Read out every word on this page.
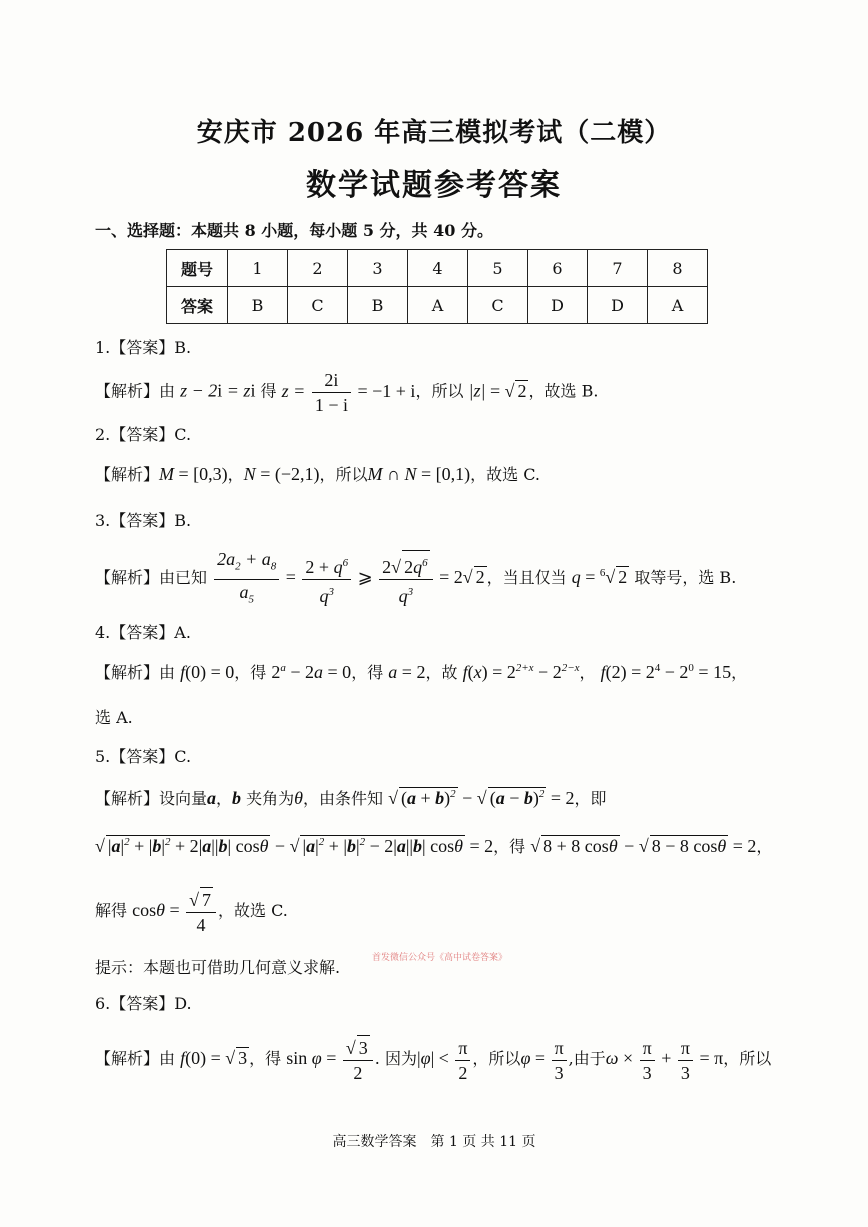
安庆市 2026 年高三模拟考试（二模）
数学试题参考答案
一、选择题：本题共 8 小题，每小题 5 分，共 40 分。
题号	1	2	3	4	5	6	7	8
答案	B	C	B	A	C	D	D	A
1.【答案】B.
【解析】由 z − 2i = zi 得 $z = \frac{2i}{1 - i} = -1 + i$，所以 |z| = √ 2 ，故选 B.
2.【答案】C.
【解析】M = [0,3)，N = (−2,1)，所以M ∩ N = [0,1)，故选 C.
3.【答案】B.
【解析】由已知 $\frac{2a_2 + a_8}{a_5} = \frac{2 + q^6}{q^3}$ ⩾ $\frac{2√ 2q^6}{q^3} = 2√$ 2 ，当且仅当 q = $^6$√ 2 取等号，选 B.
4.【答案】A.
【解析】由 f(0) = 0，得 $2^a - 2a = 0$，得 a = 2，故 $f(x) = 2^{2+x} - 2^{2-x}$， $f(2) = 2^4 - 2^0 = 15$，
选 A.
5.【答案】C.
【解析】设向量a，b 夹角为θ，由条件知 √ $(a + b)^2$ − √ $(a - b)^2 = 2$，即
√ $|a|^2 + |b|^2 + 2|a||b|$ cosθ − √ $|a|^2 + |b|^2 - 2|a||b|$ cosθ = 2，得 √ 8 + 8 cosθ − √ 8 − 8 cosθ = 2，
解得 $\cos\theta = \frac{√ 7}{4}$ ，故选 C.
提示：本题也可借助几何意义求解.	首发微信公众号《高中试卷答案》
6.【答案】D.
【解析】由 f(0) = √ 3 ，得 $\sin \varphi = \frac{√ 3}{2}$ . 因为$|\varphi| < \frac{\pi}{2}$ ，所以$\varphi = \frac{\pi}{3}$ ,由于$\omega \times \frac{\pi}{3} + \frac{\pi}{3} = \pi$，所以
高三数学答案　第 1 页 共 11 页
